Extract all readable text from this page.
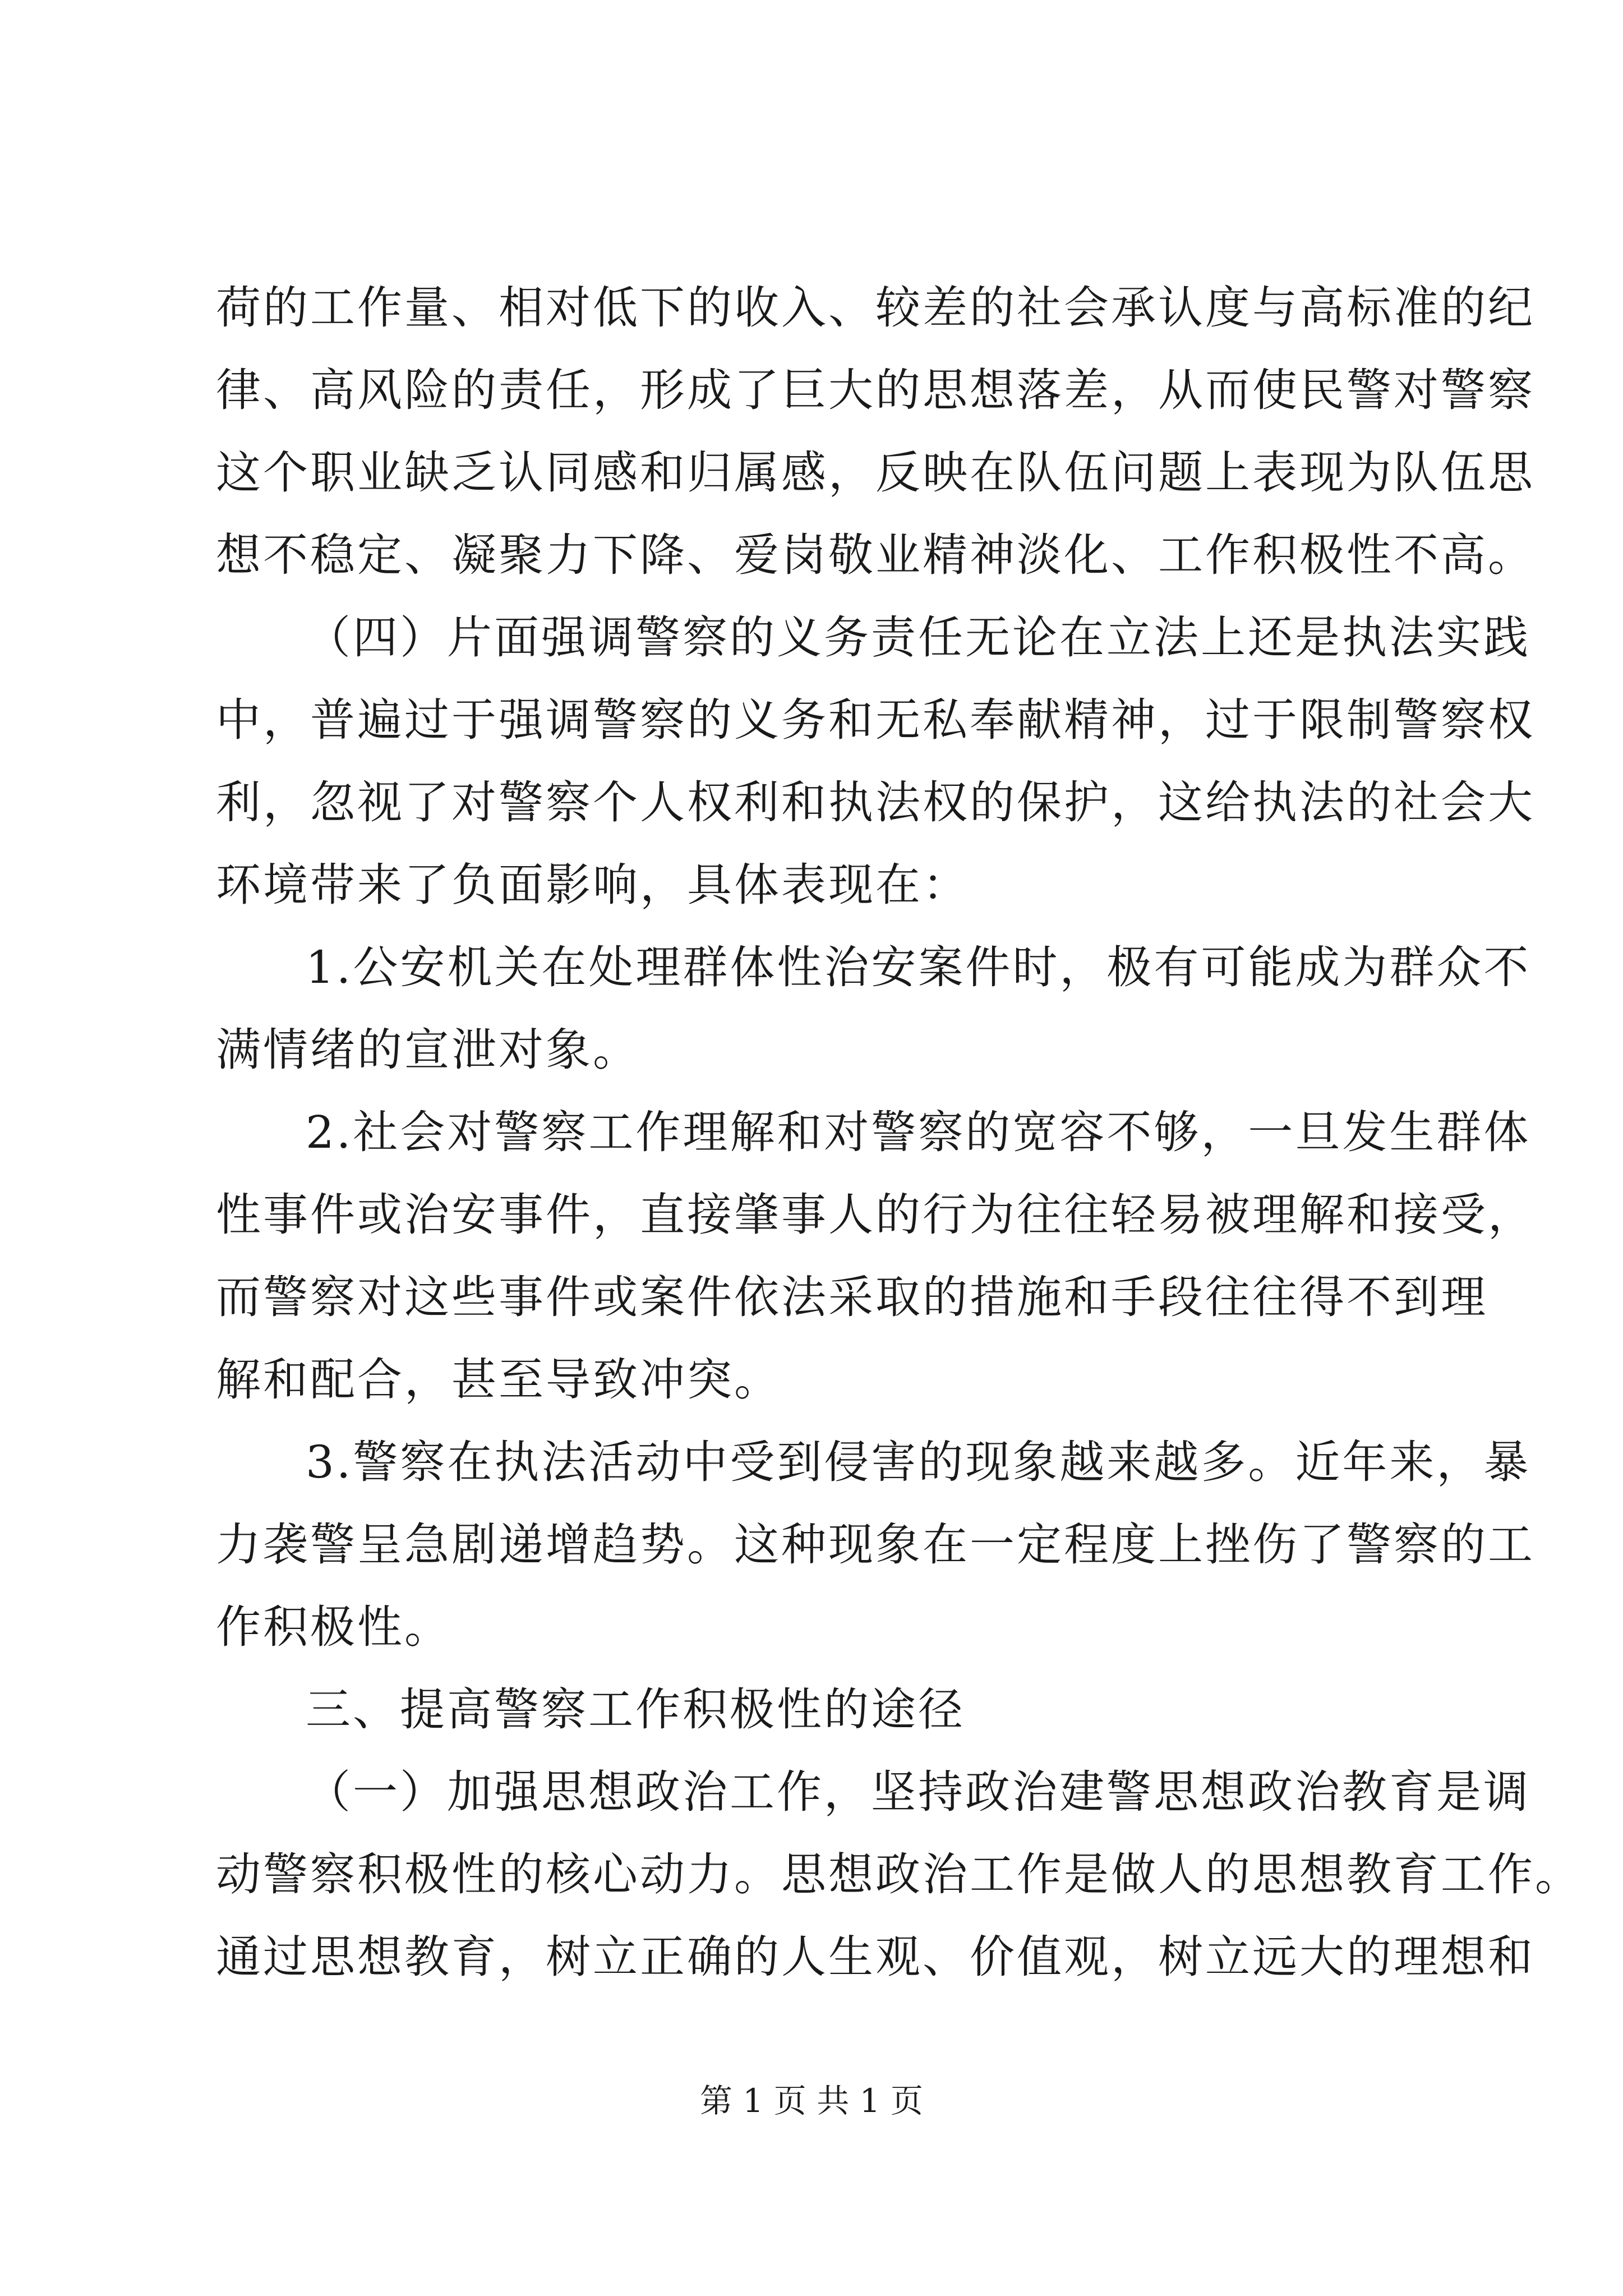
荷的工作量、相对低下的收入、较差的社会承认度与高标准的纪
律、高风险的责任，形成了巨大的思想落差，从而使民警对警察
这个职业缺乏认同感和归属感，反映在队伍问题上表现为队伍思
想不稳定、凝聚力下降、爱岗敬业精神淡化、工作积极性不高。
（四）片面强调警察的义务责任无论在立法上还是执法实践
中，普遍过于强调警察的义务和无私奉献精神，过于限制警察权
利，忽视了对警察个人权利和执法权的保护，这给执法的社会大
环境带来了负面影响，具体表现在：
1.公安机关在处理群体性治安案件时，极有可能成为群众不
满情绪的宣泄对象。
2.社会对警察工作理解和对警察的宽容不够，一旦发生群体
性事件或治安事件，直接肇事人的行为往往轻易被理解和接受，
而警察对这些事件或案件依法采取的措施和手段往往得不到理
解和配合，甚至导致冲突。
3.警察在执法活动中受到侵害的现象越来越多。近年来，暴
力袭警呈急剧递增趋势。这种现象在一定程度上挫伤了警察的工
作积极性。
三、提高警察工作积极性的途径
（一）加强思想政治工作，坚持政治建警思想政治教育是调
动警察积极性的核心动力。思想政治工作是做人的思想教育工作。
通过思想教育，树立正确的人生观、价值观，树立远大的理想和
第 1 页 共 1 页
